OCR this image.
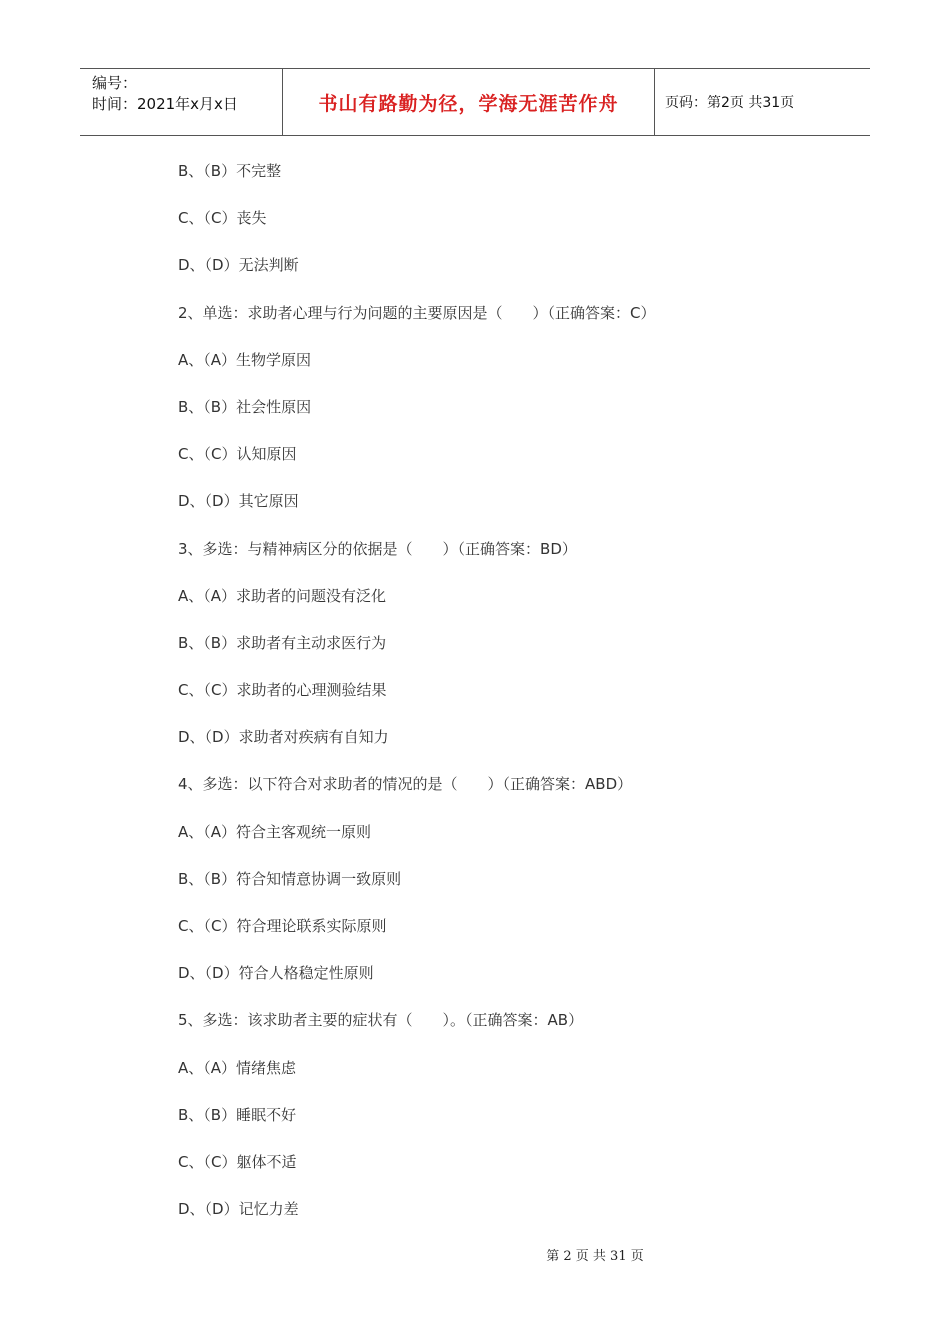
编号：
时间：2021年x月x日	书山有路勤为径，学海无涯苦作舟	页码：第2页 共31页
B、（B）不完整
C、（C）丧失
D、（D）无法判断
2、单选：求助者心理与行为问题的主要原因是（　　）（正确答案：C）
A、（A）生物学原因
B、（B）社会性原因
C、（C）认知原因
D、（D）其它原因
3、多选：与精神病区分的依据是（　　）（正确答案：BD）
A、（A）求助者的问题没有泛化
B、（B）求助者有主动求医行为
C、（C）求助者的心理测验结果
D、（D）求助者对疾病有自知力
4、多选：以下符合对求助者的情况的是（　　）（正确答案：ABD）
A、（A）符合主客观统一原则
B、（B）符合知情意协调一致原则
C、（C）符合理论联系实际原则
D、（D）符合人格稳定性原则
5、多选：该求助者主要的症状有（　　）。（正确答案：AB）
A、（A）情绪焦虑
B、（B）睡眠不好
C、（C）躯体不适
D、（D）记忆力差
第 2 页 共 31 页
